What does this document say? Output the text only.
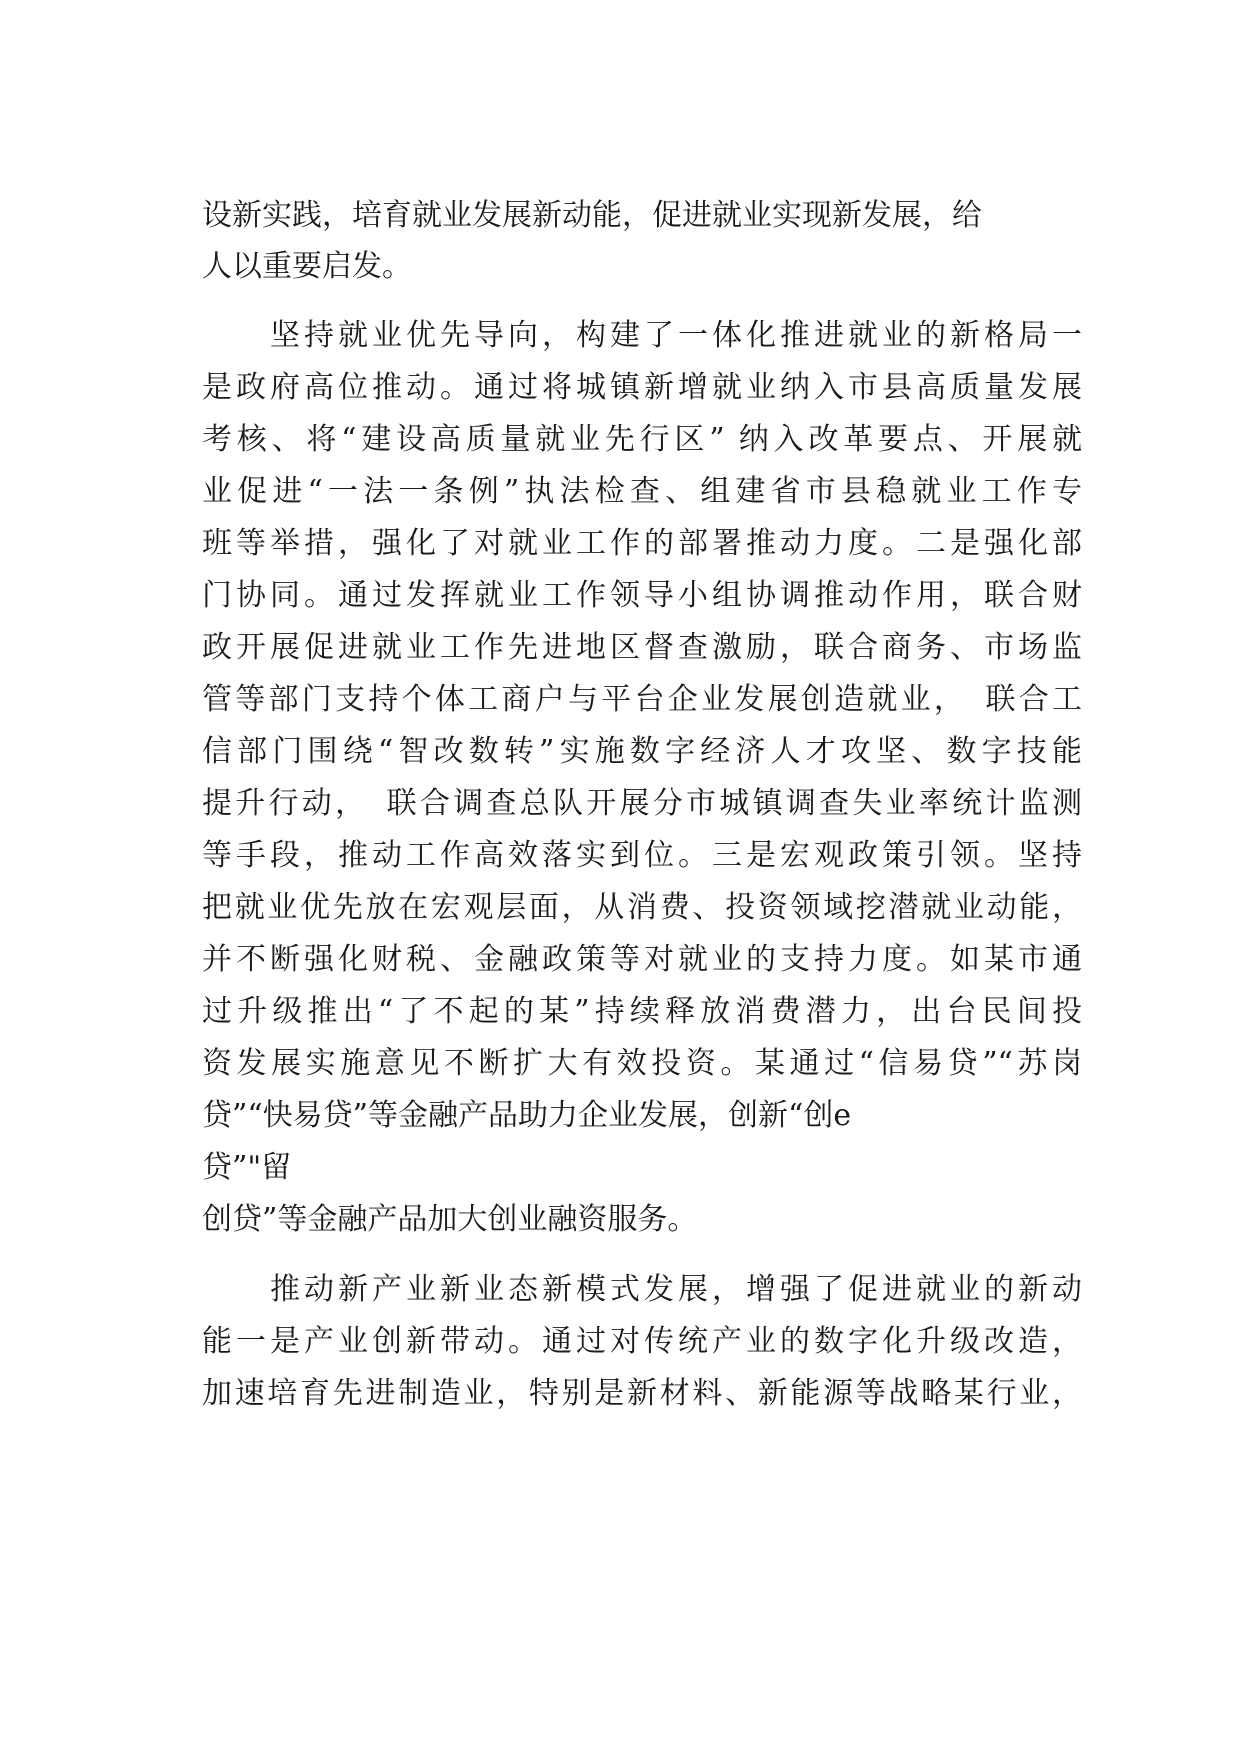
设新实践，培育就业发展新动能，促进就业实现新发展，给
人以重要启发。
坚持就业优先导向，构建了一体化推进就业的新格局一
是政府高位推动。通过将城镇新增就业纳入市县高质量发展
考核、将“建设高质量就业先行区” 纳入改革要点、开展就
业促进“一法一条例”执法检查、组建省市县稳就业工作专
班等举措，强化了对就业工作的部署推动力度。二是强化部
门协同。通过发挥就业工作领导小组协调推动作用，联合财
政开展促进就业工作先进地区督查激励，联合商务、市场监
管等部门支持个体工商户与平台企业发展创造就业，　联合工
信部门围绕“智改数转”实施数字经济人才攻坚、数字技能
提升行动，　联合调查总队开展分市城镇调查失业率统计监测
等手段，推动工作高效落实到位。三是宏观政策引领。坚持
把就业优先放在宏观层面，从消费、投资领域挖潜就业动能，
并不断强化财税、金融政策等对就业的支持力度。如某市通
过升级推出“了不起的某”持续释放消费潜力，出台民间投
资发展实施意见不断扩大有效投资。某通过“信易贷”“苏岗
贷”“快易贷”等金融产品助力企业发展，创新“创e
贷”"留
创贷”等金融产品加大创业融资服务。
推动新产业新业态新模式发展，增强了促进就业的新动
能一是产业创新带动。通过对传统产业的数字化升级改造，
加速培育先进制造业，特别是新材料、新能源等战略某行业，
